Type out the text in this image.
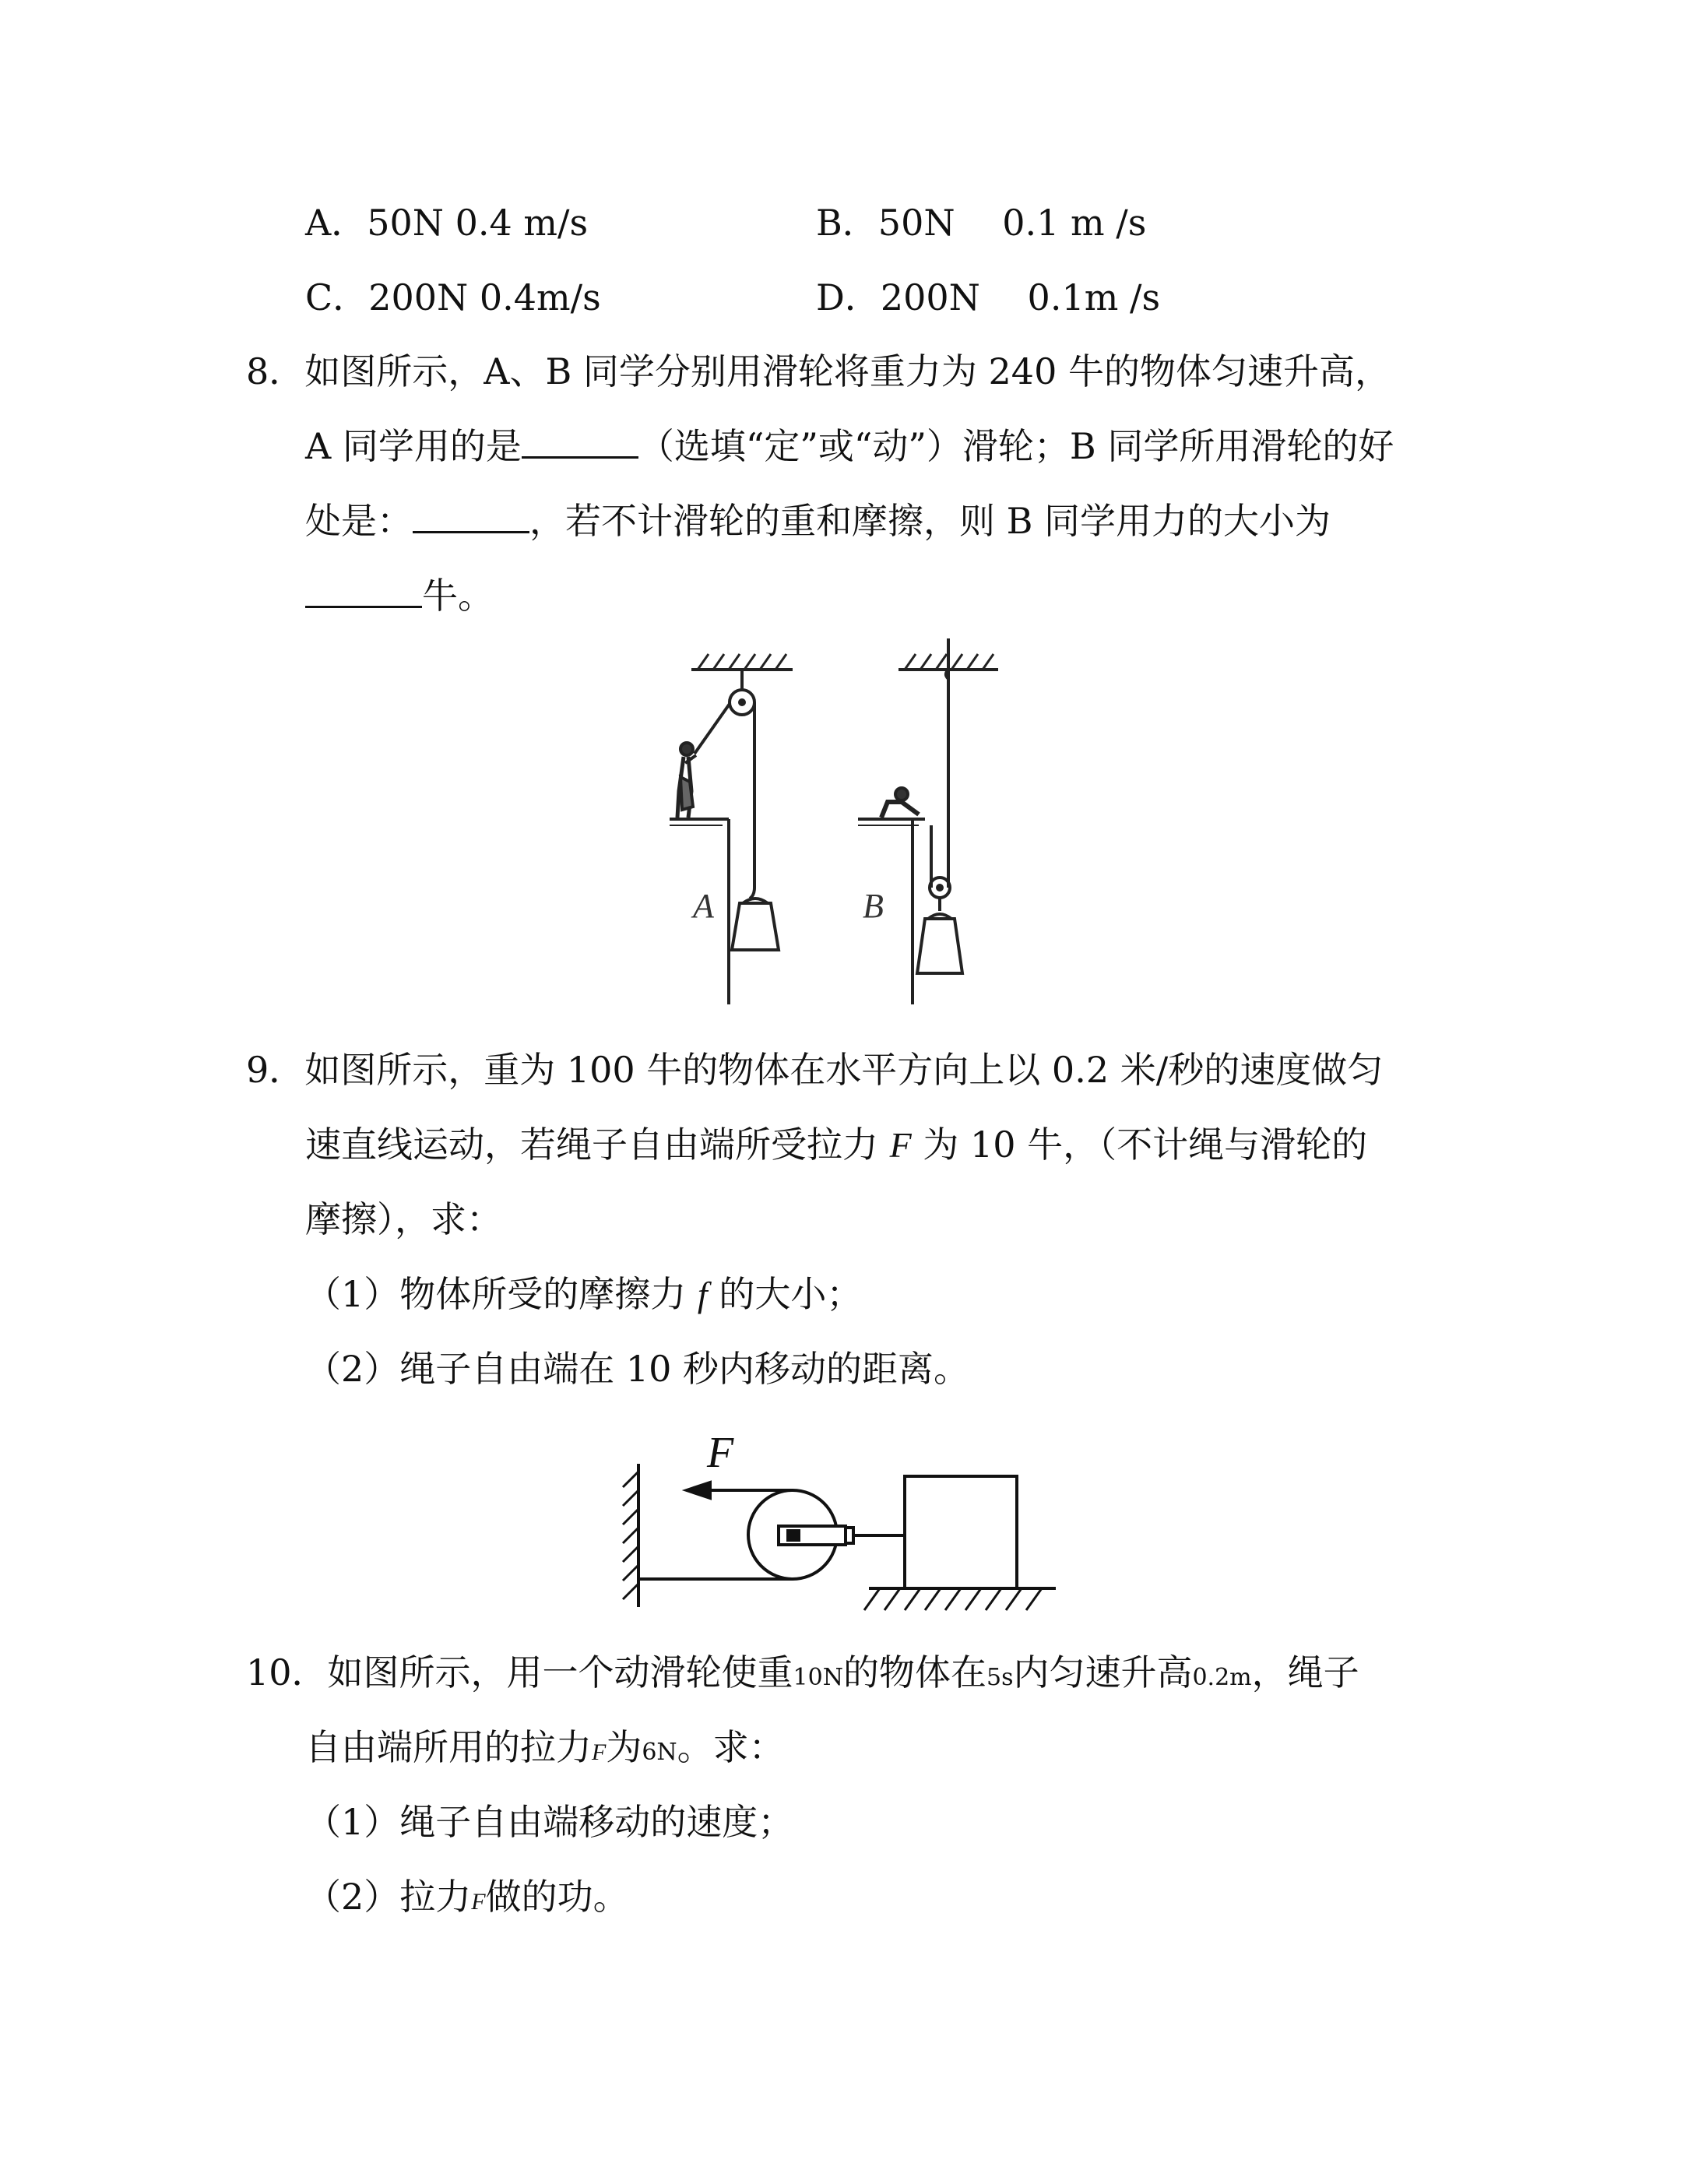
A．50N 0.4 m/s	B．50N  0.1 m /s
C．200N 0.4m/s	D．200N  0.1m /s
8．如图所示，A、B 同学分别用滑轮将重力为 240 牛的物体匀速升高，
A 同学用的是	（选填“定”或“动”）滑轮；B 同学所用滑轮的好
处是：	，若不计滑轮的重和摩擦，则 B 同学用力的大小为
牛。
A	B
9．如图所示，重为 100 牛的物体在水平方向上以 0.2 米/秒的速度做匀
速直线运动，若绳子自由端所受拉力 F 为 10 牛，（不计绳与滑轮的
摩擦），求：
（1）物体所受的摩擦力 f 的大小；
（2）绳子自由端在 10 秒内移动的距离。
F
10．如图所示，用一个动滑轮使重10N的物体在5s内匀速升高0.2m，绳子
自由端所用的拉力F为6N。求：
（1）绳子自由端移动的速度；
（2）拉力F做的功。
